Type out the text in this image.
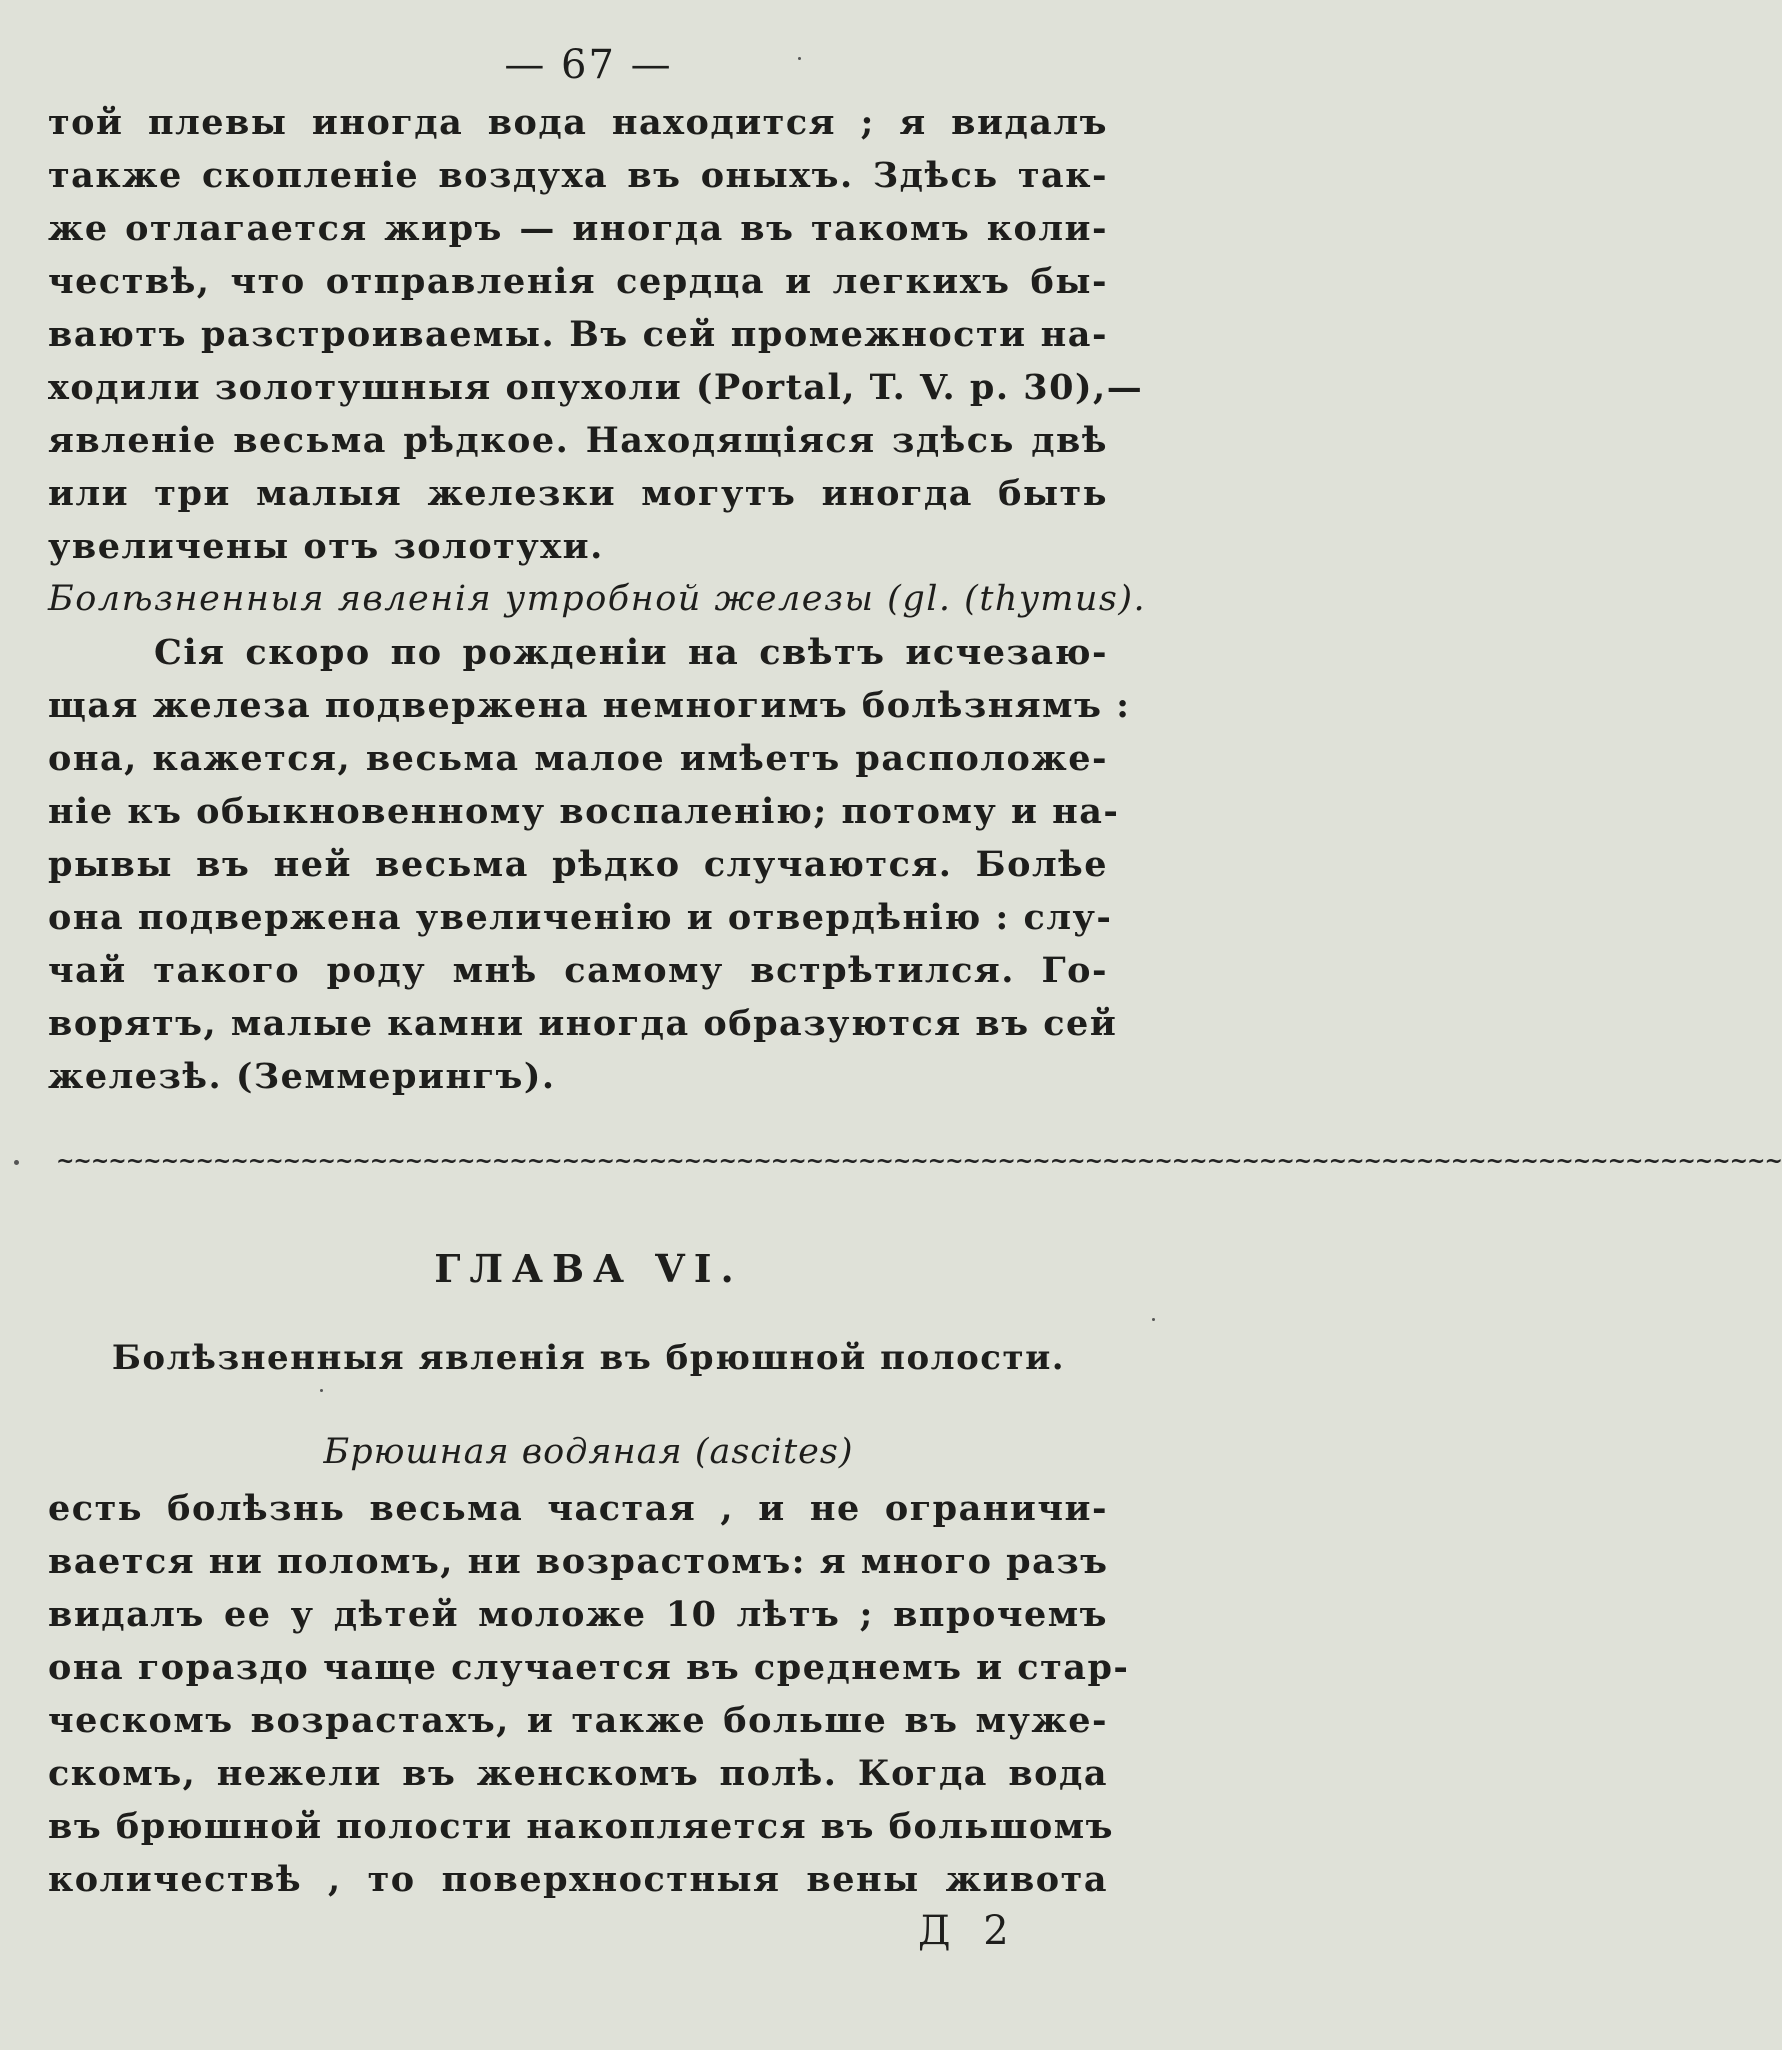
— 67 —
той плевы иногда вода находится ; я видалъ
также скопленіе воздуха въ оныхъ. Здѣсь так-
же отлагается жиръ — иногда въ такомъ коли-
чествѣ, что отправленія сердца и легкихъ бы-
ваютъ разстроиваемы. Въ сей промежности на-
ходили золотушныя опухоли (Portal, T. V. p. 30),—
явленіе весьма рѣдкое. Находящіяся здѣсь двѣ
или три малыя железки могутъ иногда быть
увеличены отъ золотухи.
Болѣзненныя явленія утробной железы (gl. (thymus).
Сія скоро по рожденіи на свѣтъ исчезаю-
щая железа подвержена немногимъ болѣзнямъ :
она, кажется, весьма малое имѣетъ расположе-
ніе къ обыкновенному воспаленію; потому и на-
рывы въ ней весьма рѣдко случаются. Болѣе
она подвержена увеличенію и отвердѣнію : слу-
чай такого роду мнѣ самому встрѣтился. Го-
ворятъ, малые камни иногда образуются въ сей
железѣ. (Земмерингъ).
~~~~~~~~~~~~~~~~~~~~~~~~~~~~~~~~~~~~~~~~~~~~~~~~~~~~~~~~~~~~~~~~~~~~~~~~~~~~~~~~~~~~~~~~~~~~~~~~~~~
ГЛАВА VI.
Болѣзненныя явленія въ брюшной полости.
Брюшная водяная (ascites)
есть болѣзнь весьма частая , и не ограничи-
вается ни поломъ, ни возрастомъ: я много разъ
видалъ ее у дѣтей моложе 10 лѣтъ ; впрочемъ
она гораздо чаще случается въ среднемъ и стар-
ческомъ возрастахъ, и также больше въ муже-
скомъ, нежели въ женскомъ полѣ. Когда вода
въ брюшной полости накопляется въ большомъ
количествѣ , то поверхностныя вены живота
Д 2
